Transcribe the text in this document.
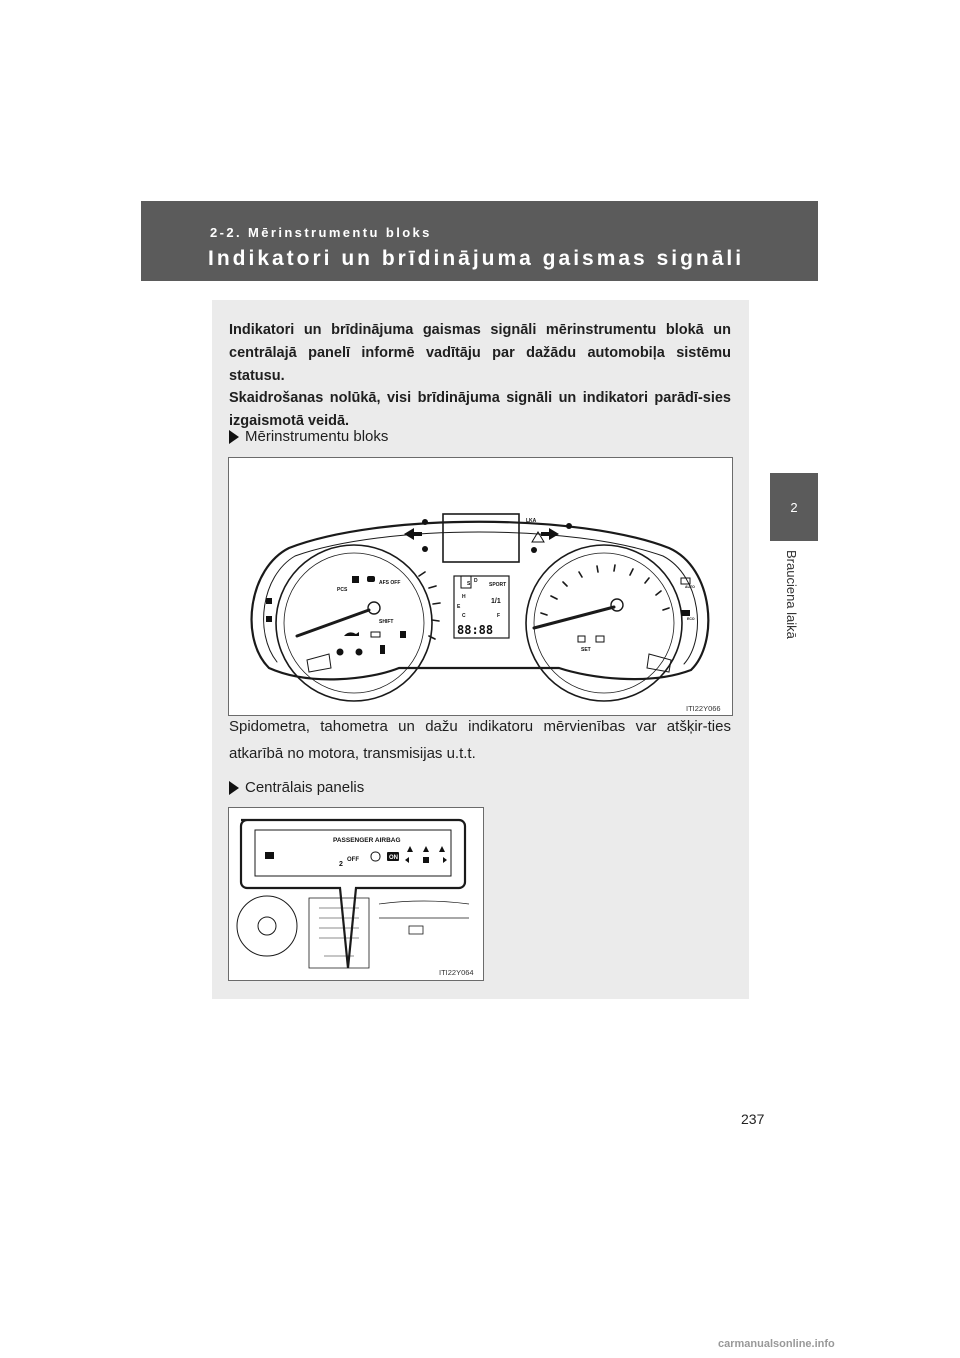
2-2. Mērinstrumentu bloks
Indikatori un brīdinājuma gaismas signāli
2
Brauciena laikā
Indikatori un brīdinājuma gaismas signāli mērinstrumentu blokā un centrālajā panelī informē vadītāju par dažādu automobiļa sistēmu statusu.
Skaidrošanas nolūkā, visi brīdinājuma signāli un indikatori parādī-sies izgaismotā veidā.
Mērinstrumentu bloks
PCS
AFS OFF
SHIFT
LKA
SPORT
1/1
88:88
SET
AUTO
ECO
H
C
E
F
S D
ITI22Y066
Spidometra, tahometra un dažu indikatoru mērvienības var atšķir-ties atkarībā no motora, transmisijas u.t.t.
Centrālais panelis
PASSENGER AIRBAG
OFF	ON
2
ITI22Y064
237
carmanualsonline.info
